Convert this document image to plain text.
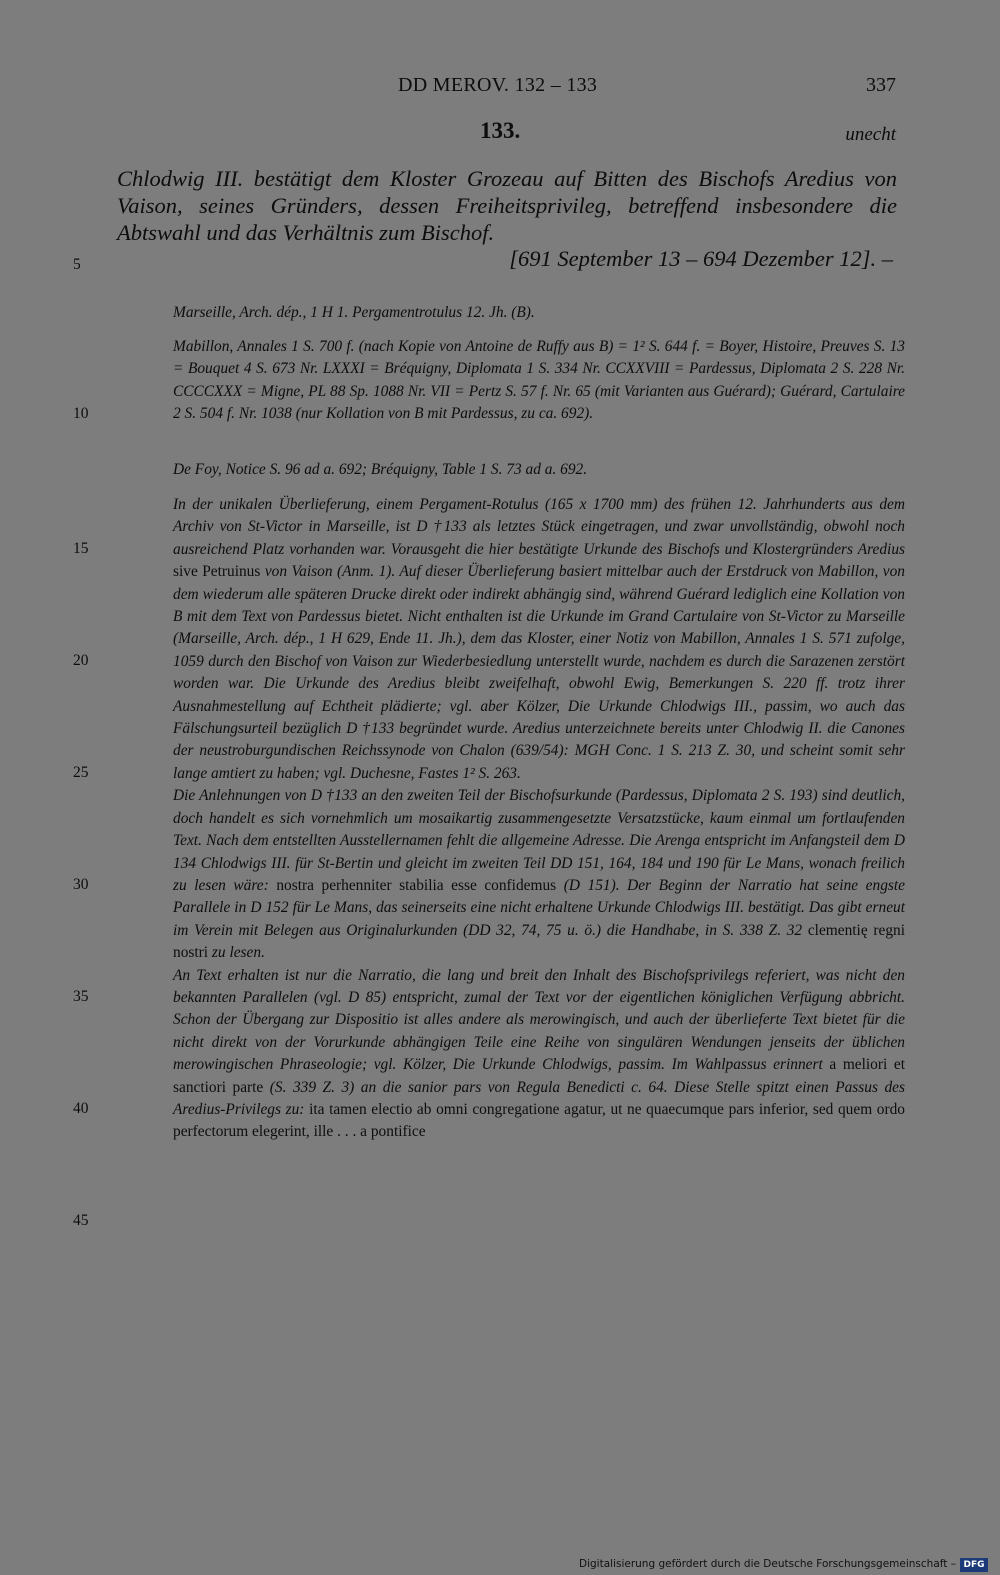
DD MEROV. 132 – 133	337
133.	unecht

Chlodwig III. bestätigt dem Kloster Grozeau auf Bitten des Bischofs Aredius von Vaison, seines Gründers, dessen Freiheitsprivileg, betreffend insbesondere die Abtswahl und das Verhältnis zum Bischof.

[691 September 13 – 694 Dezember 12]. –

Marseille, Arch. dép., 1 H 1. Pergamentrotulus 12. Jh. (B).

Mabillon, Annales 1 S. 700 f. (nach Kopie von Antoine de Ruffy aus B) = 1² S. 644 f. = Boyer, Histoire, Preuves S. 13 = Bouquet 4 S. 673 Nr. LXXXI = Bréquigny, Diplomata 1 S. 334 Nr. CCXXVIII = Pardessus, Diplomata 2 S. 228 Nr. CCCCXXX = Migne, PL 88 Sp. 1088 Nr. VII = Pertz S. 57 f. Nr. 65 (mit Varianten aus Guérard); Guérard, Cartulaire 2 S. 504 f. Nr. 1038 (nur Kollation von B mit Pardessus, zu ca. 692).

De Foy, Notice S. 96 ad a. 692; Bréquigny, Table 1 S. 73 ad a. 692.

In der unikalen Überlieferung, einem Pergament-Rotulus (165 x 1700 mm) des frühen 12. Jahrhunderts aus dem Archiv von St-Victor in Marseille, ist D †133 als letztes Stück eingetragen, und zwar unvollständig, obwohl noch ausreichend Platz vorhanden war. Vorausgeht die hier bestätigte Urkunde des Bischofs und Klostergründers Aredius sive Petruinus von Vaison (Anm. 1). Auf dieser Überlieferung basiert mittelbar auch der Erstdruck von Mabillon, von dem wiederum alle späteren Drucke direkt oder indirekt abhängig sind, während Guérard lediglich eine Kollation von B mit dem Text von Pardessus bietet. Nicht enthalten ist die Urkunde im Grand Cartulaire von St-Victor zu Marseille (Marseille, Arch. dép., 1 H 629, Ende 11. Jh.), dem das Kloster, einer Notiz von Mabillon, Annales 1 S. 571 zufolge, 1059 durch den Bischof von Vaison zur Wiederbesiedlung unterstellt wurde, nachdem es durch die Sarazenen zerstört worden war. Die Urkunde des Aredius bleibt zweifelhaft, obwohl Ewig, Bemerkungen S. 220 ff. trotz ihrer Ausnahmestellung auf Echtheit plädierte; vgl. aber Kölzer, Die Urkunde Chlodwigs III., passim, wo auch das Fälschungsurteil bezüglich D †133 begründet wurde. Aredius unterzeichnete bereits unter Chlodwig II. die Canones der neustroburgundischen Reichssynode von Chalon (639/54): MGH Conc. 1 S. 213 Z. 30, und scheint somit sehr lange amtiert zu haben; vgl. Duchesne, Fastes 1² S. 263.

Die Anlehnungen von D †133 an den zweiten Teil der Bischofsurkunde (Pardessus, Diplomata 2 S. 193) sind deutlich, doch handelt es sich vornehmlich um mosaikartig zusammengesetzte Versatzstücke, kaum einmal um fortlaufenden Text. Nach dem entstellten Ausstellernamen fehlt die allgemeine Adresse. Die Arenga entspricht im Anfangsteil dem D 134 Chlodwigs III. für St-Bertin und gleicht im zweiten Teil DD 151, 164, 184 und 190 für Le Mans, wonach freilich zu lesen wäre: nostra perhenniter stabilia esse confidemus (D 151). Der Beginn der Narratio hat seine engste Parallele in D 152 für Le Mans, das seinerseits eine nicht erhaltene Urkunde Chlodwigs III. bestätigt. Das gibt erneut im Verein mit Belegen aus Originalurkunden (DD 32, 74, 75 u. ö.) die Handhabe, in S. 338 Z. 32 clementię regni nostri zu lesen.

An Text erhalten ist nur die Narratio, die lang und breit den Inhalt des Bischofsprivilegs referiert, was nicht den bekannten Parallelen (vgl. D 85) entspricht, zumal der Text vor der eigentlichen königlichen Verfügung abbricht. Schon der Übergang zur Dispositio ist alles andere als merowingisch, und auch der überlieferte Text bietet für die nicht direkt von der Vorurkunde abhängigen Teile eine Reihe von singulären Wendungen jenseits der üblichen merowingischen Phraseologie; vgl. Kölzer, Die Urkunde Chlodwigs, passim. Im Wahlpassus erinnert a meliori et sanctiori parte (S. 339 Z. 3) an die sanior pars von Regula Benedicti c. 64. Diese Stelle spitzt einen Passus des Aredius-Privilegs zu: ita tamen electio ab omni congregatione agatur, ut ne quaecumque pars inferior, sed quem ordo perfectorum elegerint, ille . . . a pontifice

5
10
15
20
25
30
35
40
45
Digitalisierung gefördert durch die Deutsche Forschungsgemeinschaft – DFG
